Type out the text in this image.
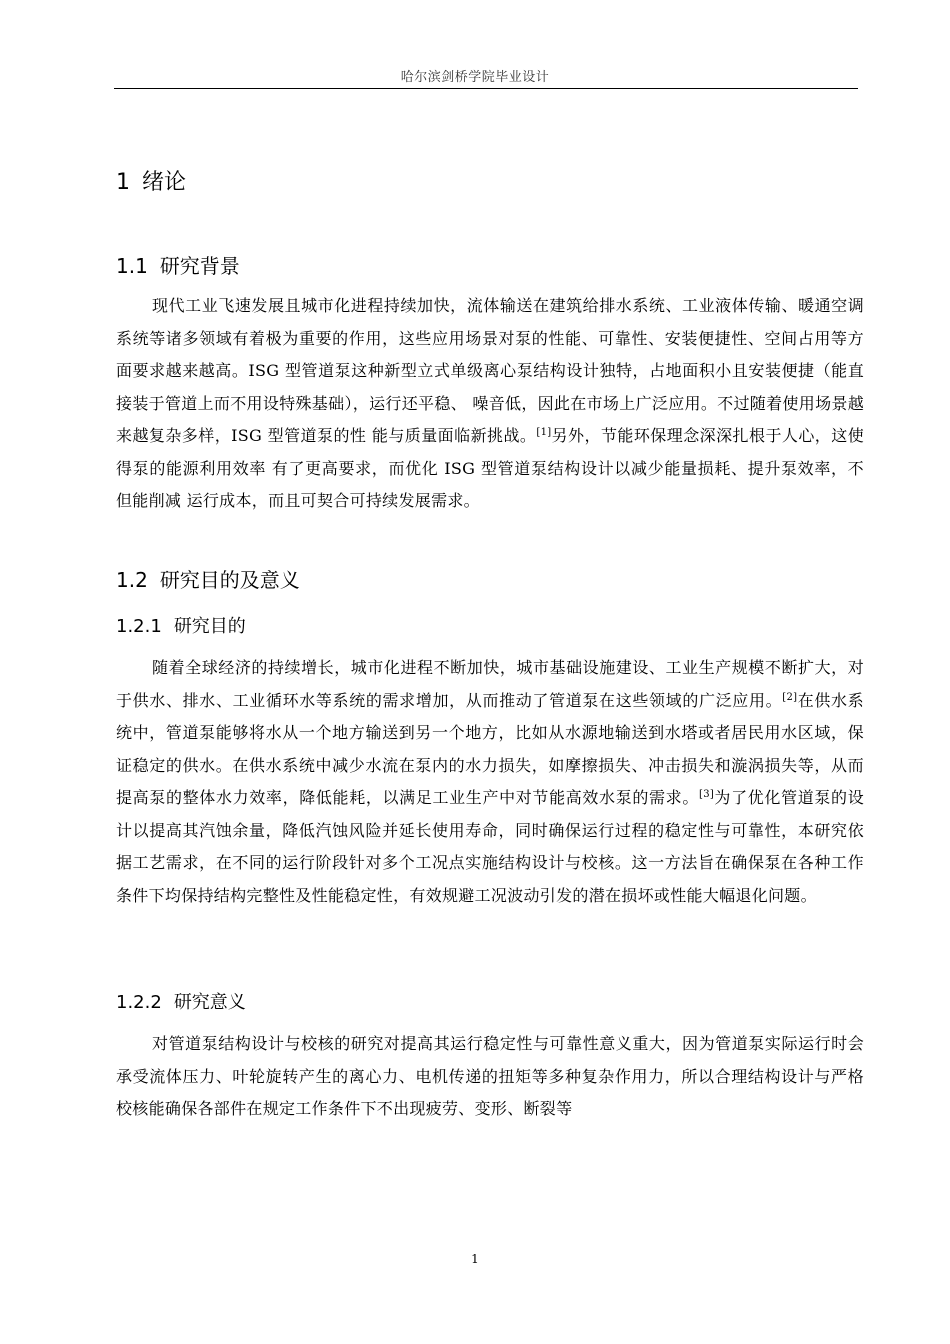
哈尔滨剑桥学院毕业设计
1 绪论
1.1 研究背景

现代工业飞速发展且城市化进程持续加快，流体输送在建筑给排水系统、工业液体传输、暖通空调系统等诸多领域有着极为重要的作用，这些应用场景对泵的性能、可靠性、安装便捷性、空间占用等方面要求越来越高。ISG 型管道泵这种新型立式单级离心泵结构设计独特，占地面积小且安装便捷（能直接装于管道上而不用设特殊基础），运行还平稳、 噪音低，因此在市场上广泛应用。不过随着使用场景越来越复杂多样，ISG 型管道泵的性 能与质量面临新挑战。[1]另外，节能环保理念深深扎根于人心，这使得泵的能源利用效率 有了更高要求，而优化 ISG 型管道泵结构设计以减少能量损耗、提升泵效率，不但能削减 运行成本，而且可契合可持续发展需求。

1.2 研究目的及意义
1.2.1 研究目的

随着全球经济的持续增长，城市化进程不断加快，城市基础设施建设、工业生产规模不断扩大，对于供水、排水、工业循环水等系统的需求增加，从而推动了管道泵在这些领域的广泛应用。[2]在供水系统中，管道泵能够将水从一个地方输送到另一个地方，比如从水源地输送到水塔或者居民用水区域，保证稳定的供水。在供水系统中减少水流在泵内的水力损失，如摩擦损失、冲击损失和漩涡损失等，从而提高泵的整体水力效率，降低能耗，以满足工业生产中对节能高效水泵的需求。[3]为了优化管道泵的设计以提高其汽蚀余量，降低汽蚀风险并延长使用寿命，同时确保运行过程的稳定性与可靠性，本研究依据工艺需求，在不同的运行阶段针对多个工况点实施结构设计与校核。这一方法旨在确保泵在各种工作条件下均保持结构完整性及性能稳定性，有效规避工况波动引发的潜在损坏或性能大幅退化问题。

1.2.2 研究意义

对管道泵结构设计与校核的研究对提高其运行稳定性与可靠性意义重大，因为管道泵实际运行时会承受流体压力、叶轮旋转产生的离心力、电机传递的扭矩等多种复杂作用力，所以合理结构设计与严格校核能确保各部件在规定工作条件下不出现疲劳、变形、断裂等

1
